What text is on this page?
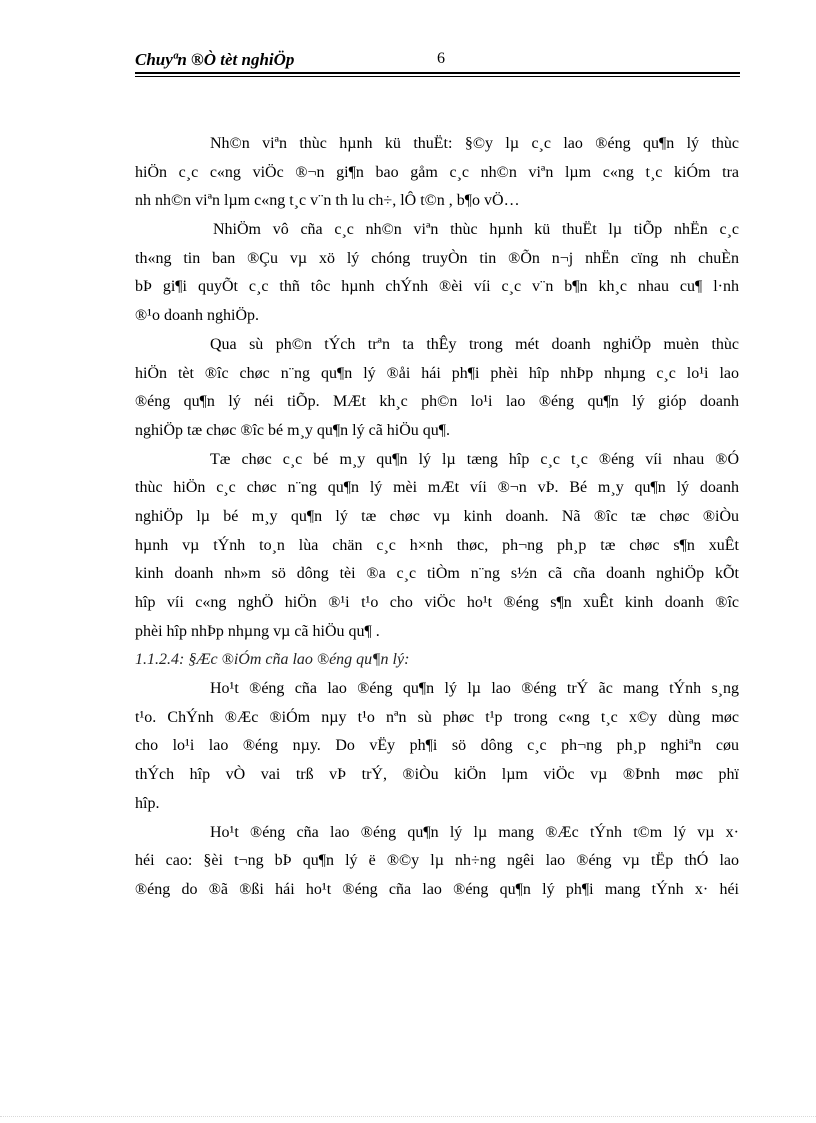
Chuyªn ®Ò tèt nghiÖp	6
Nh©n viªn thùc hµnh kü thuËt: §©y lµ c¸c lao ®éng qu¶n lý thùc
hiÖn c¸c c«ng viÖc ®¬n gi¶n bao gåm c¸c nh©n viªn lµm c«ng t¸c kiÓm tra
nh nh©n viªn lµm c«ng t¸c v¨n th lu ch÷, lÔ t©n , b¶o vÖ…
NhiÖm vô cña c¸c nh©n viªn thùc hµnh kü thuËt lµ tiÕp nhËn c¸c
th«ng tin ban ®Çu vµ xö lý chóng truyÒn tin ®Õn n¬j nhËn cïng nh chuÈn
bÞ gi¶i quyÕt c¸c thñ tôc hµnh chÝnh ®èi víi c¸c v¨n b¶n kh¸c nhau cu¶ l·nh
®¹o doanh nghiÖp.
Qua sù ph©n tÝch trªn ta thÊy trong mét doanh nghiÖp muèn thùc
hiÖn tèt ®îc chøc n¨ng qu¶n lý ®åi hái ph¶i phèi hîp nhÞp nhµng c¸c lo¹i lao
®éng qu¶n lý néi tiÕp. MÆt kh¸c ph©n lo¹i lao ®éng qu¶n lý gióp doanh
nghiÖp tæ chøc ®îc bé m¸y qu¶n lý cã hiÖu qu¶.
Tæ chøc c¸c bé m¸y qu¶n lý lµ tæng hîp c¸c t¸c ®éng víi nhau ®Ó
thùc hiÖn c¸c chøc n¨ng qu¶n lý mèi mÆt víi ®¬n vÞ. Bé m¸y qu¶n lý doanh
nghiÖp lµ bé m¸y qu¶n lý tæ chøc vµ kinh doanh. Nã ®îc tæ chøc ®iÒu
hµnh vµ tÝnh to¸n lùa chän c¸c h×nh thøc, ph¬ng ph¸p tæ chøc s¶n xuÊt
kinh doanh nh»m sö dông tèi ®a c¸c tiÒm n¨ng s½n cã cña doanh nghiÖp kÕt
hîp víi c«ng nghÖ hiÖn ®¹i t¹o cho viÖc ho¹t ®éng s¶n xuÊt kinh doanh ®îc
phèi hîp nhÞp nhµng vµ cã hiÖu qu¶ .
1.1.2.4: §Æc ®iÓm cña lao ®éng qu¶n lý:
Ho¹t ®éng cña lao ®éng qu¶n lý lµ lao ®éng trÝ ãc mang tÝnh s¸ng
t¹o. ChÝnh ®Æc ®iÓm nµy t¹o nªn sù phøc t¹p trong c«ng t¸c x©y dùng møc
cho lo¹i lao ®éng nµy. Do vËy ph¶i sö dông c¸c ph¬ng ph¸p nghiªn cøu
thÝch hîp vÒ vai trß vÞ trÝ, ®iÒu kiÖn lµm viÖc vµ ®Þnh møc phï
hîp.
Ho¹t ®éng cña lao ®éng qu¶n lý lµ mang ®Æc tÝnh t©m lý vµ x·
héi cao: §èi t¬ng bÞ qu¶n lý ë ®©y lµ nh÷ng ngêi lao ®éng vµ tËp thÓ lao
®éng do ®ã ®ßi hái ho¹t ®éng cña lao ®éng qu¶n lý ph¶i mang tÝnh x· héi
